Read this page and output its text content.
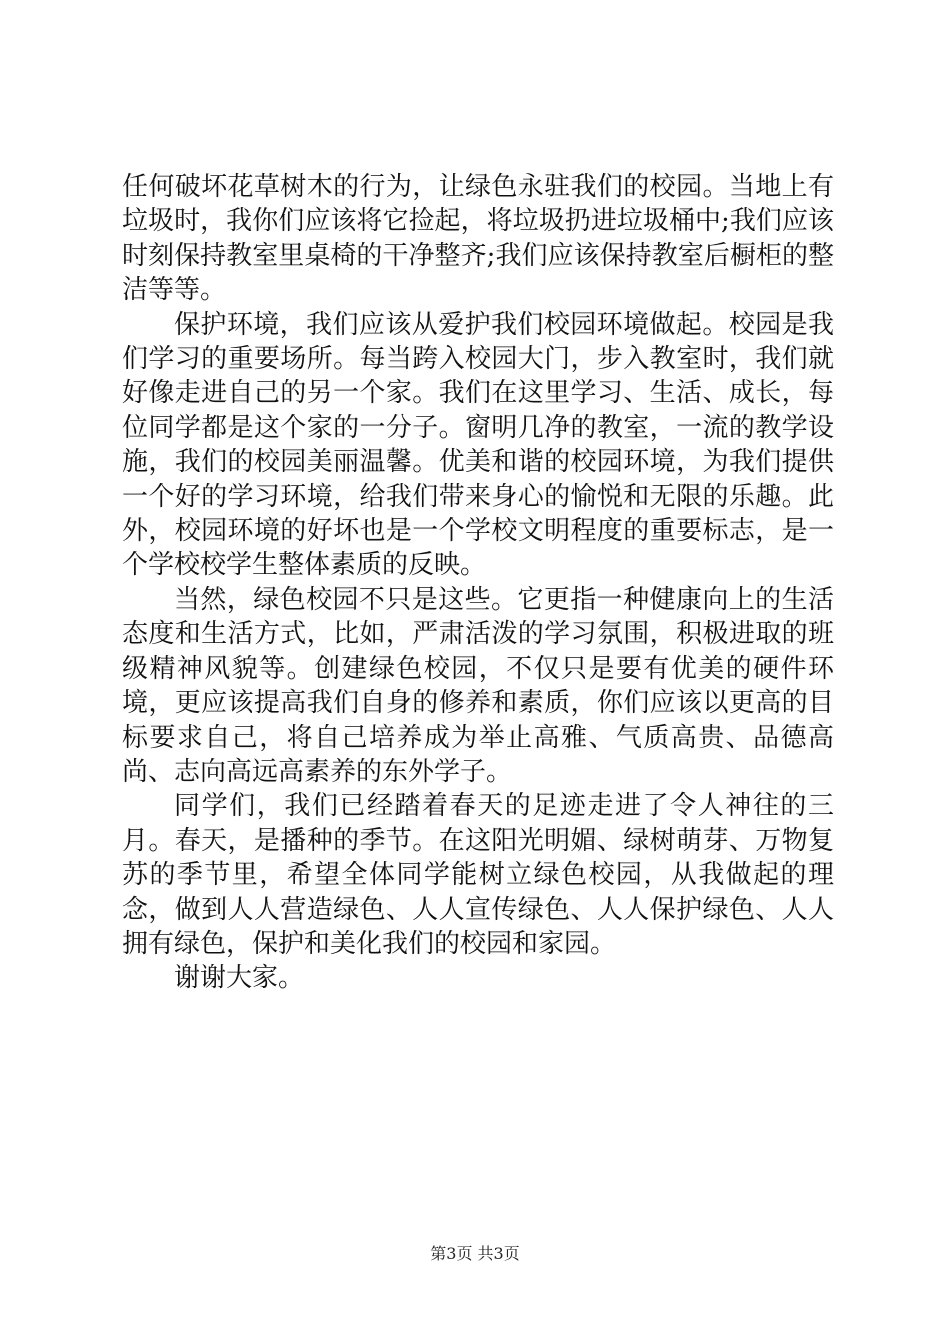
任何破坏花草树木的行为，让绿色永驻我们的校园。当地上有垃圾时，我你们应该将它捡起，将垃圾扔进垃圾桶中;我们应该时刻保持教室里桌椅的干净整齐;我们应该保持教室后橱柜的整洁等等。

保护环境，我们应该从爱护我们校园环境做起。校园是我们学习的重要场所。每当跨入校园大门，步入教室时，我们就好像走进自己的另一个家。我们在这里学习、生活、成长，每位同学都是这个家的一分子。窗明几净的教室，一流的教学设施，我们的校园美丽温馨。优美和谐的校园环境，为我们提供一个好的学习环境，给我们带来身心的愉悦和无限的乐趣。此外，校园环境的好坏也是一个学校文明程度的重要标志，是一个学校校学生整体素质的反映。

当然，绿色校园不只是这些。它更指一种健康向上的生活态度和生活方式，比如，严肃活泼的学习氛围，积极进取的班级精神风貌等。创建绿色校园，不仅只是要有优美的硬件环境，更应该提高我们自身的修养和素质，你们应该以更高的目标要求自己，将自己培养成为举止高雅、气质高贵、品德高尚、志向高远高素养的东外学子。

同学们，我们已经踏着春天的足迹走进了令人神往的三月。春天，是播种的季节。在这阳光明媚、绿树萌芽、万物复苏的季节里，希望全体同学能树立绿色校园，从我做起的理念，做到人人营造绿色、人人宣传绿色、人人保护绿色、人人拥有绿色，保护和美化我们的校园和家园。

谢谢大家。

第3页 共3页
